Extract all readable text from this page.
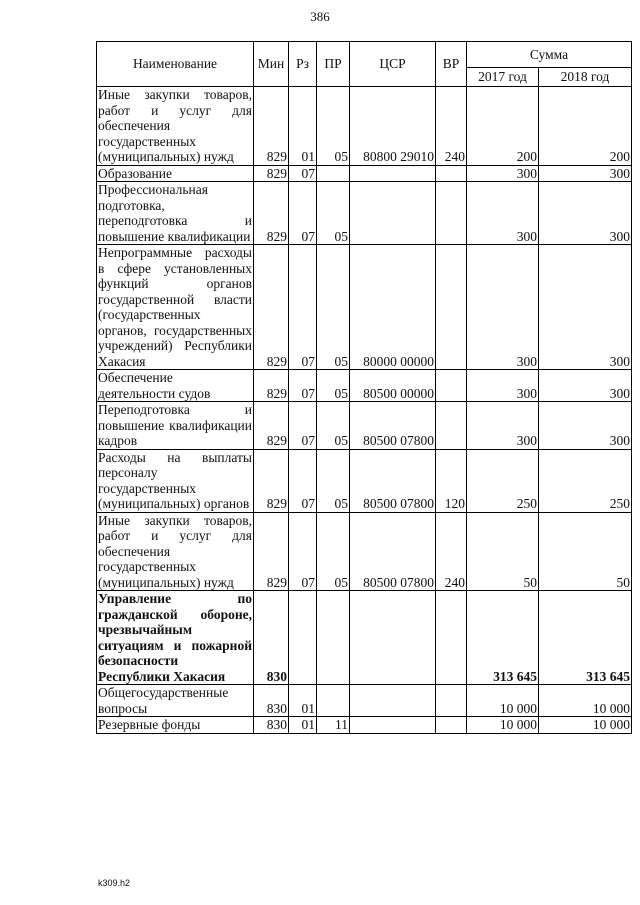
386
Наименование	Мин	Рз	ПР	ЦСР	ВР	Сумма	
						2017 год	2018 год
Иные закупки товаров, работ и услуг для обеспечения государственных (муниципальных) нужд	829	01	05	80800 29010	240	200	200
Образование	829	07				300	300
Профессиональная подготовка, переподготовка и повышение квалификации	829	07	05			300	300
Непрограммные расходы в сфере установленных функций органов государственной власти (государственных органов, государственных учреждений) Республики Хакасия	829	07	05	80000 00000		300	300
Обеспечение деятельности судов	829	07	05	80500 00000		300	300
Переподготовка и повышение квалификации кадров	829	07	05	80500 07800		300	300
Расходы на выплаты персоналу государственных (муниципальных) органов	829	07	05	80500 07800	120	250	250
Иные закупки товаров, работ и услуг для обеспечения государственных (муниципальных) нужд	829	07	05	80500 07800	240	50	50
Управление по гражданской обороне, чрезвычайным ситуациям и пожарной безопасности Республики Хакасия	830					313 645	313 645
Общегосударственные вопросы	830	01				10 000	10 000
Резервные фонды	830	01	11			10 000	10 000
k309.h2
